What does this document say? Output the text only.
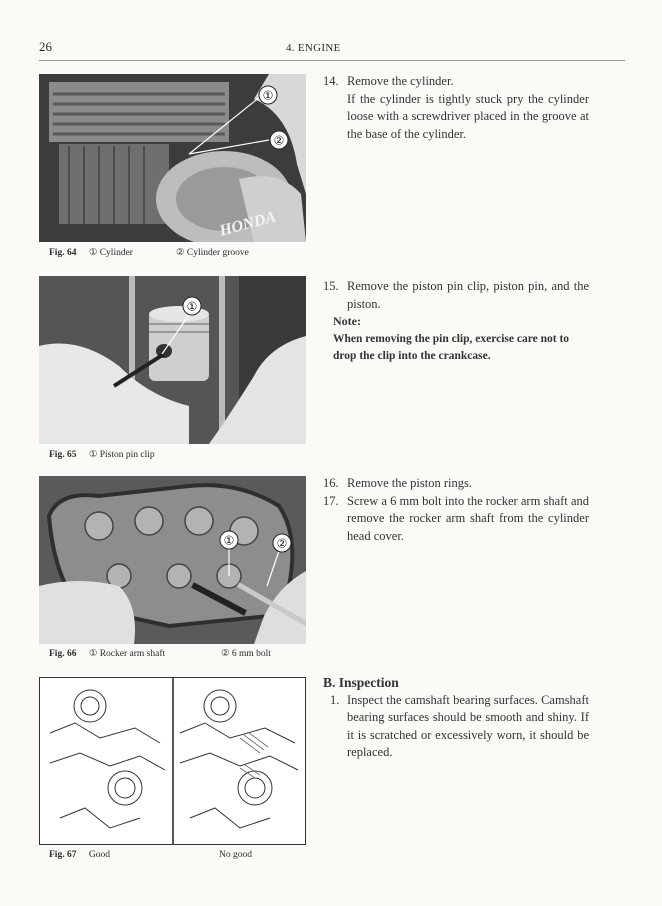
26	4. ENGINE
HONDA
①
②
Fig. 64 ① Cylinder	② Cylinder groove
①
Fig. 65 ① Piston pin clip
①	②
Fig. 66 ① Rocker arm shaft	② 6 mm bolt
Fig. 67 Good	No good
14. Remove the cylinder.

If the cylinder is tightly stuck pry the cylinder loose with a screwdriver placed in the groove at the base of the cylinder.

15. Remove the piston pin clip, piston pin, and the piston.
Note:
When removing the pin clip, exercise care not to drop the clip into the crankcase.
16. Remove the piston rings.
17. Screw a 6 mm bolt into the rocker arm shaft and remove the rocker arm shaft from the cylinder head cover.
B. Inspection
1. Inspect the camshaft bearing surfaces. Camshaft bearing surfaces should be smooth and shiny. If it is scratched or excessively worn, it should be replaced.
